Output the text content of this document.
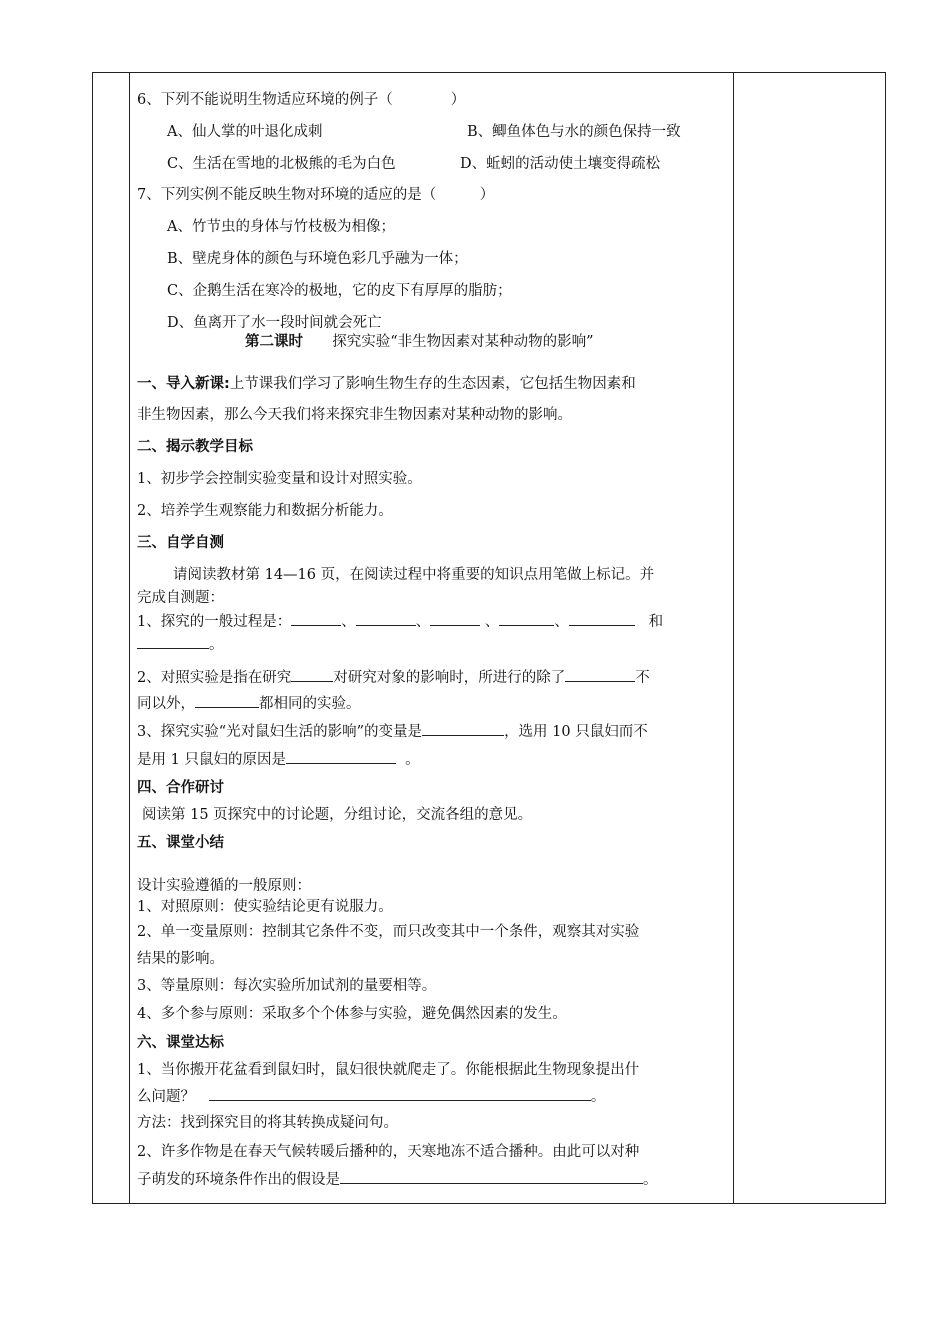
6、下列不能说明生物适应环境的例子（　　　　）
A、仙人掌的叶退化成刺	B、鲫鱼体色与水的颜色保持一致
C、生活在雪地的北极熊的毛为白色	D、蚯蚓的活动使土壤变得疏松
7、下列实例不能反映生物对环境的适应的是（　　　）
A、竹节虫的身体与竹枝极为相像；
B、壁虎身体的颜色与环境色彩几乎融为一体；
C、企鹅生活在寒冷的极地，它的皮下有厚厚的脂肪；
D、鱼离开了水一段时间就会死亡
第二课时 探究实验“非生物因素对某种动物的影响”
一、导入新课:上节课我们学习了影响生物生存的生态因素，它包括生物因素和
非生物因素，那么今天我们将来探究非生物因素对某种动物的影响。
二、揭示教学目标
1、初步学会控制实验变量和设计对照实验。
2、培养学生观察能力和数据分析能力。
三、自学自测
请阅读教材第 14—16 页，在阅读过程中将重要的知识点用笔做上标记。并
完成自测题：
1、探究的一般过程是：	、	、	、	、	和
。
2、对照实验是指在研究	对研究对象的影响时，所进行的除了	不
同以外，	都相同的实验。
3、探究实验“光对鼠妇生活的影响”的变量是	，选用 10 只鼠妇而不
是用 1 只鼠妇的原因是	。
四、合作研讨
阅读第 15 页探究中的讨论题，分组讨论，交流各组的意见。
五、课堂小结
设计实验遵循的一般原则：
1、对照原则：使实验结论更有说服力。
2、单一变量原则：控制其它条件不变，而只改变其中一个条件，观察其对实验
结果的影响。
3、等量原则：每次实验所加试剂的量要相等。
4、多个参与原则：采取多个个体参与实验，避免偶然因素的发生。
六、课堂达标
1、当你搬开花盆看到鼠妇时，鼠妇很快就爬走了。你能根据此生物现象提出什
么问题？	。
方法：找到探究目的将其转换成疑问句。
2、许多作物是在春天气候转暖后播种的，天寒地冻不适合播种。由此可以对种
子萌发的环境条件作出的假设是	。
